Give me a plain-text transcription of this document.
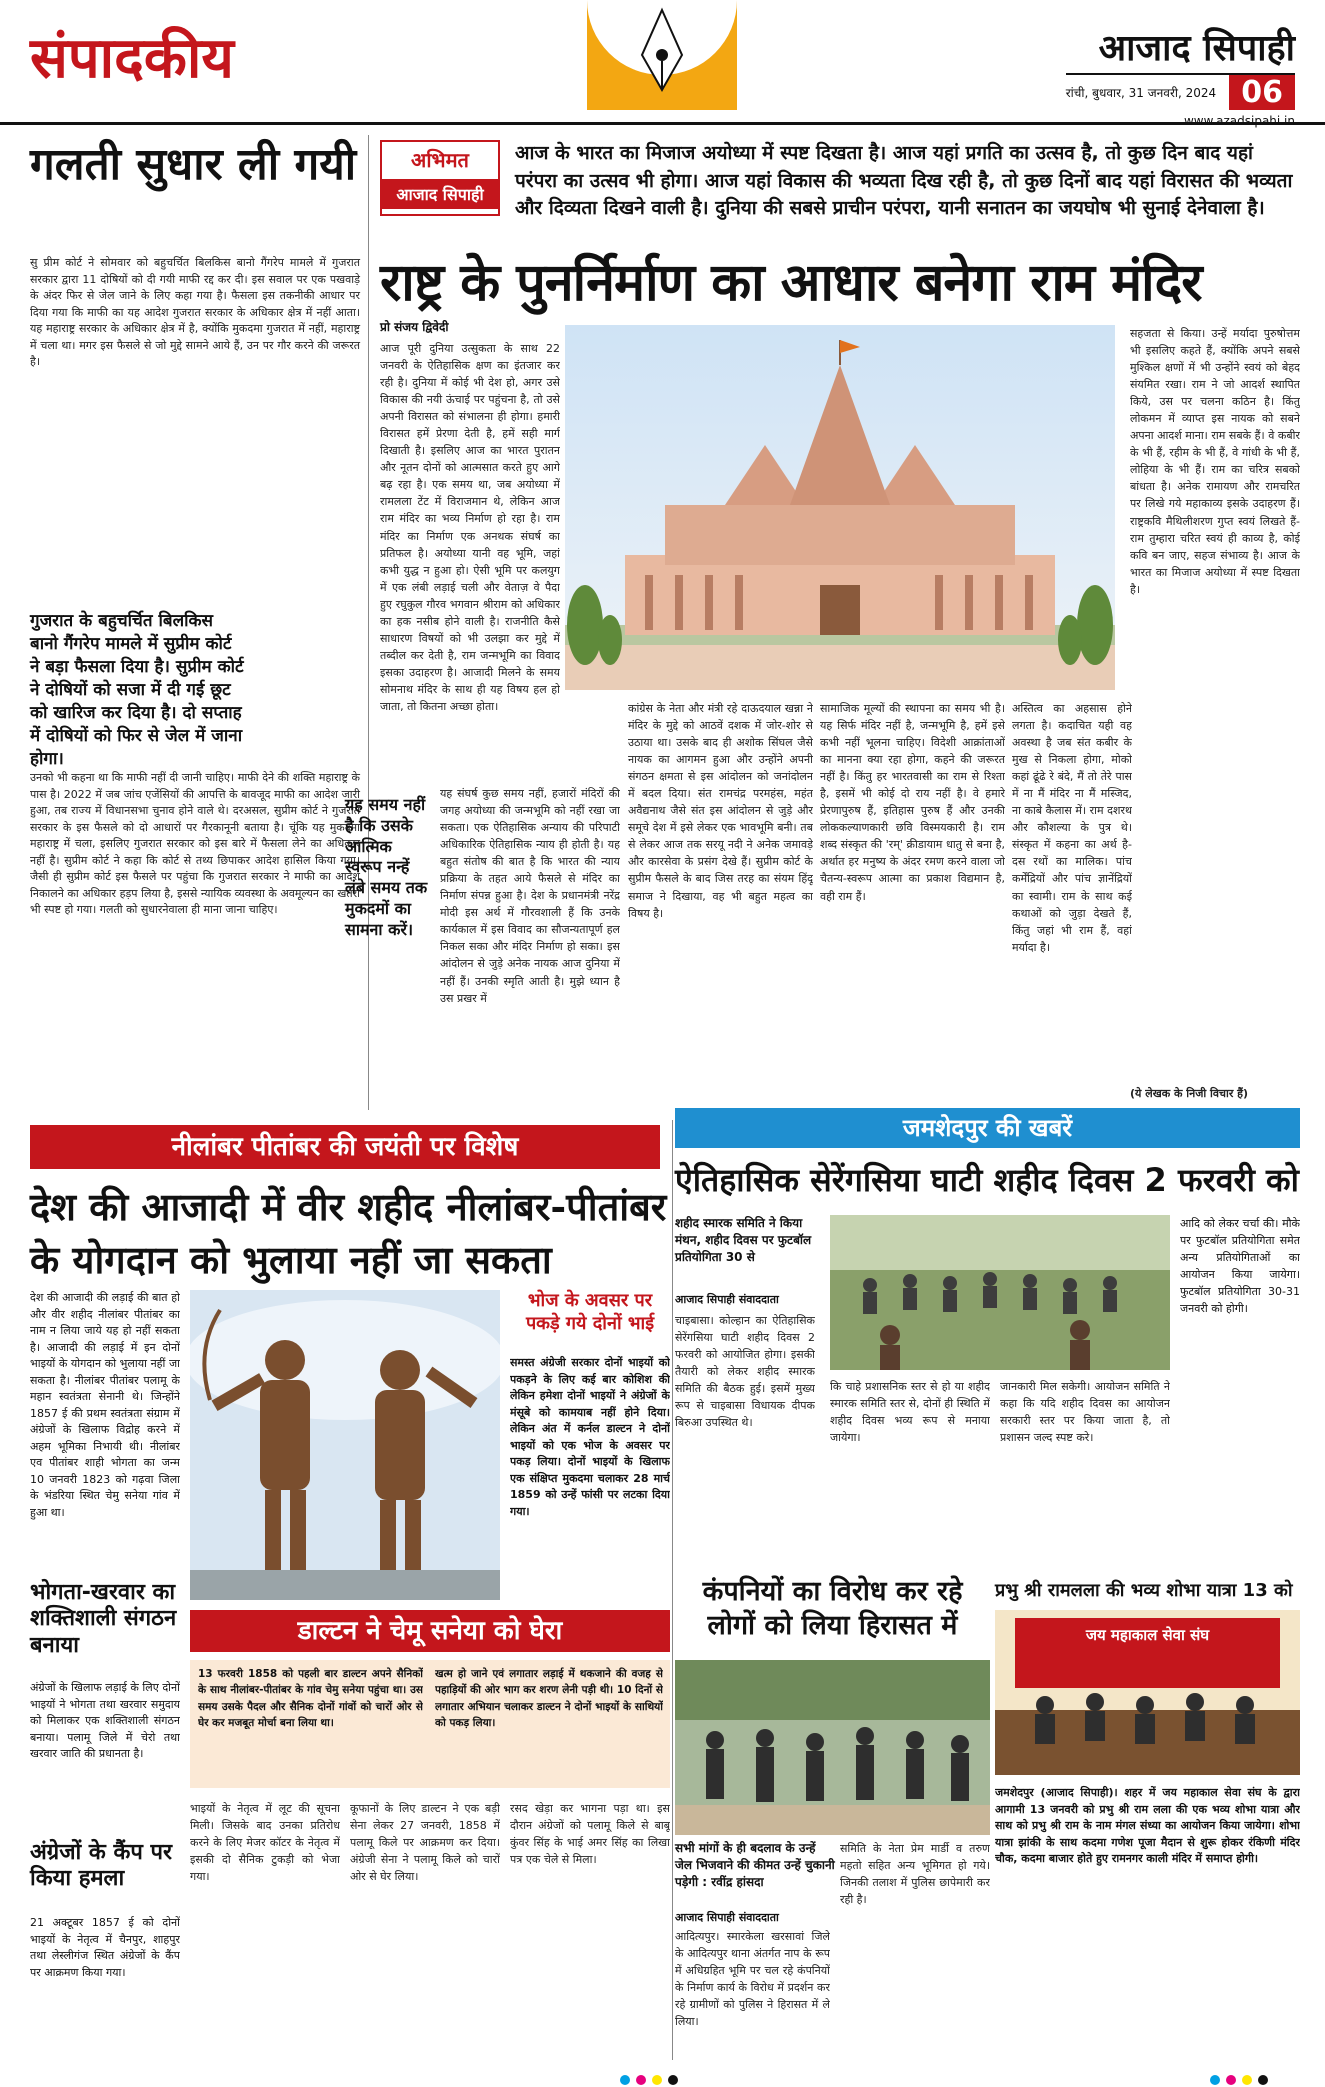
संपादकीय	आजाद सिपाही
रांची, बुधवार, 31 जनवरी, 2024 06
www.azadsipahi.in
गलती सुधार ली गयी
सु प्रीम कोर्ट ने सोमवार को बहुचर्चित बिलकिस बानो गैंगरेप मामले में गुजरात सरकार द्वारा 11 दोषियों को दी गयी माफी रद्द कर दी। इस सवाल पर एक पखवाड़े के अंदर फिर से जेल जाने के लिए कहा गया है। फैसला इस तकनीकी आधार पर दिया गया कि माफी का यह आदेश गुजरात सरकार के अधिकार क्षेत्र में नहीं आता। यह महाराष्ट्र सरकार के अधिकार क्षेत्र में है, क्योंकि मुकदमा गुजरात में नहीं, महाराष्ट्र में चला था। मगर इस फैसले से जो मुद्दे सामने आये हैं, उन पर गौर करने की जरूरत है।
गुजरात के बहुचर्चित बिलकिस बानो गैंगरेप मामले में सुप्रीम कोर्ट ने बड़ा फैसला दिया है। सुप्रीम कोर्ट ने दोषियों को सजा में दी गई छूट को खारिज कर दिया है। दो सप्ताह में दोषियों को फिर से जेल में जाना होगा।
उनको भी कहना था कि माफी नहीं दी जानी चाहिए। माफी देने की शक्ति महाराष्ट्र के पास है। 2022 में जब जांच एजेंसियों की आपत्ति के बावजूद माफी का आदेश जारी हुआ, तब राज्य में विधानसभा चुनाव होने वाले थे। दरअसल, सुप्रीम कोर्ट ने गुजरात सरकार के इस फैसले को दो आधारों पर गैरकानूनी बताया है। चूंकि यह मुकदमा महाराष्ट्र में चला, इसलिए गुजरात सरकार को इस बारे में फैसला लेने का अधिकार नहीं है। सुप्रीम कोर्ट ने कहा कि कोर्ट से तथ्य छिपाकर आदेश हासिल किया गया। जैसी ही सुप्रीम कोर्ट इस फैसले पर पहुंचा कि गुजरात सरकार ने माफी का आदेश निकालने का अधिकार हड़प लिया है, इससे न्यायिक व्यवस्था के अवमूल्यन का खतरा भी स्पष्ट हो गया। गलती को सुधारनेवाला ही माना जाना चाहिए।
अभिमत
आजाद सिपाही
आज के भारत का मिजाज अयोध्या में स्पष्ट दिखता है। आज यहां प्रगति का उत्सव है, तो कुछ दिन बाद यहां परंपरा का उत्सव भी होगा। आज यहां विकास की भव्यता दिख रही है, तो कुछ दिनों बाद यहां विरासत की भव्यता और दिव्यता दिखने वाली है। दुनिया की सबसे प्राचीन परंपरा, यानी सनातन का जयघोष भी सुनाई देनेवाला है।
राष्ट्र के पुनर्निर्माण का आधार बनेगा राम मंदिर
प्रो संजय द्विवेदी
आज पूरी दुनिया उत्सुकता के साथ 22 जनवरी के ऐतिहासिक क्षण का इंतजार कर रही है। दुनिया में कोई भी देश हो, अगर उसे विकास की नयी ऊंचाई पर पहुंचना है, तो उसे अपनी विरासत को संभालना ही होगा। हमारी विरासत हमें प्रेरणा देती है, हमें सही मार्ग दिखाती है। इसलिए आज का भारत पुरातन और नूतन दोनों को आत्मसात करते हुए आगे बढ़ रहा है। एक समय था, जब अयोध्या में रामलला टेंट में विराजमान थे, लेकिन आज राम मंदिर का भव्य निर्माण हो रहा है। राम मंदिर का निर्माण एक अनथक संघर्ष का प्रतिफल है। अयोध्या यानी वह भूमि, जहां कभी युद्ध न हुआ हो। ऐसी भूमि पर कलयुग में एक लंबी लड़ाई चली और वेताज़ वे पैदा हुए रघुकुल गौरव भगवान श्रीराम को अधिकार का हक नसीब होने वाली है। राजनीति कैसे साधारण विषयों को भी उलझा कर मुद्दे में तब्दील कर देती है, राम जन्मभूमि का विवाद इसका उदाहरण है। आजादी मिलने के समय सोमनाथ मंदिर के साथ ही यह विषय हल हो जाता, तो कितना अच्छा होता।
यह समय नहीं है कि उसके आत्मिक स्वरूप नन्हें लंबे समय तक मुकदमों का सामना करें।
यह संघर्ष कुछ समय नहीं, हजारों मंदिरों की जगह अयोध्या की जन्मभूमि को नहीं रखा जा सकता। एक ऐतिहासिक अन्याय की परिपाटी अधिकारिक ऐतिहासिक न्याय ही होती है। यह बहुत संतोष की बात है कि भारत की न्याय प्रक्रिया के तहत आये फैसले से मंदिर का निर्माण संपन्न हुआ है। देश के प्रधानमंत्री नरेंद्र मोदी इस अर्थ में गौरवशाली हैं कि उनके कार्यकाल में इस विवाद का सौजन्यतापूर्ण हल निकल सका और मंदिर निर्माण हो सका। इस आंदोलन से जुड़े अनेक नायक आज दुनिया में नहीं हैं। उनकी स्मृति आती है। मुझे ध्यान है उस प्रखर में
कांग्रेस के नेता और मंत्री रहे दाऊदयाल खन्ना ने मंदिर के मुद्दे को आठवें दशक में जोर-शोर से उठाया था। उसके बाद ही अशोक सिंघल जैसे नायक का आगमन हुआ और उन्होंने अपनी संगठन क्षमता से इस आंदोलन को जनांदोलन में बदल दिया। संत रामचंद्र परमहंस, महंत अवैद्यनाथ जैसे संत इस आंदोलन से जुड़े और समूचे देश में इसे लेकर एक भावभूमि बनी। तब से लेकर आज तक सरयू नदी ने अनेक जमावड़े और कारसेवा के प्रसंग देखे हैं। सुप्रीम कोर्ट के सुप्रीम फैसले के बाद जिस तरह का संयम हिंदू समाज ने दिखाया, वह भी बहुत महत्व का विषय है।
सामाजिक मूल्यों की स्थापना का समय भी है। यह सिर्फ मंदिर नहीं है, जन्मभूमि है, हमें इसे कभी नहीं भूलना चाहिए। विदेशी आक्रांताओं का मानना क्या रहा होगा, कहने की जरूरत नहीं है। किंतु हर भारतवासी का राम से रिश्ता है, इसमें भी कोई दो राय नहीं है। वे हमारे प्रेरणापुरुष हैं, इतिहास पुरुष हैं और उनकी लोककल्याणकारी छवि विस्मयकारी है। राम शब्द संस्कृत की 'रम्' क्रीडायाम धातु से बना है, अर्थात हर मनुष्य के अंदर रमण करने वाला जो चैतन्य-स्वरूप आत्मा का प्रकाश विद्यमान है, वही राम हैं।
अस्तित्व का अहसास होने लगता है। कदाचित यही वह अवस्था है जब संत कबीर के मुख से निकला होगा, मोको कहां ढूंढे रे बंदे, मैं तो तेरे पास में ना मैं मंदिर ना मैं मस्जिद, ना काबे कैलास में। राम दशरथ और कौशल्या के पुत्र थे। संस्कृत में कहना का अर्थ है- दस रथों का मालिक। पांच कर्मेंद्रियों और पांच ज्ञानेंद्रियों का स्वामी। राम के साथ कई कथाओं को जुड़ा देखते हैं, किंतु जहां भी राम हैं, वहां मर्यादा है।
सहजता से किया। उन्हें मर्यादा पुरुषोत्तम भी इसलिए कहते हैं, क्योंकि अपने सबसे मुश्किल क्षणों में भी उन्होंने स्वयं को बेहद संयमित रखा। राम ने जो आदर्श स्थापित किये, उस पर चलना कठिन है। किंतु लोकमन में व्याप्त इस नायक को सबने अपना आदर्श माना। राम सबके हैं। वे कबीर के भी हैं, रहीम के भी हैं, वे गांधी के भी हैं, लोहिया के भी हैं। राम का चरित्र सबको बांधता है। अनेक रामायण और रामचरित पर लिखे गये महाकाव्य इसके उदाहरण हैं। राष्ट्रकवि मैथिलीशरण गुप्त स्वयं लिखते हैं- राम तुम्हारा चरित स्वयं ही काव्य है, कोई कवि बन जाए, सहज संभाव्य है। आज के भारत का मिजाज अयोध्या में स्पष्ट दिखता है।
(ये लेखक के निजी विचार हैं)
नीलांबर पीतांबर की जयंती पर विशेष
देश की आजादी में वीर शहीद नीलांबर-पीतांबर के योगदान को भुलाया नहीं जा सकता
देश की आजादी की लड़ाई की बात हो और वीर शहीद नीलांबर पीतांबर का नाम न लिया जाये यह हो नहीं सकता है। आजादी की लड़ाई में इन दोनों भाइयों के योगदान को भुलाया नहीं जा सकता है। नीलांबर पीतांबर पलामू के महान स्वतंत्रता सेनानी थे। जिन्होंने 1857 ई की प्रथम स्वतंत्रता संग्राम में अंग्रेजों के खिलाफ विद्रोह करने में अहम भूमिका निभायी थी। नीलांबर एव पीतांबर शाही भोगता का जन्म 10 जनवरी 1823 को गढ़वा जिला के भंडरिया स्थित चेमु सनेया गांव में हुआ था।
भोगता-खरवार का शक्तिशाली संगठन बनाया
अंग्रेजों के खिलाफ लड़ाई के लिए दोनों भाइयों ने भोगता तथा खरवार समुदाय को मिलाकर एक शक्तिशाली संगठन बनाया। पलामू जिले में चेरो तथा खरवार जाति की प्रधानता है।
अंग्रेजों के कैंप पर किया हमला
21 अक्टूबर 1857 ई को दोनों भाइयों के नेतृत्व में चैनपुर, शाहपुर तथा लेस्लीगंज स्थित अंग्रेजों के कैंप पर आक्रमण किया गया।
भोज के अवसर पर पकड़े गये दोनों भाई
समस्त अंग्रेजी सरकार दोनों भाइयों को पकड़ने के लिए कई बार कोशिश की लेकिन हमेशा दोनों भाइयों ने अंग्रेजों के मंसूबे को कामयाब नहीं होने दिया। लेकिन अंत में कर्नल डाल्टन ने दोनों भाइयों को एक भोज के अवसर पर पकड़ लिया। दोनों भाइयों के खिलाफ एक संक्षिप्त मुकदमा चलाकर 28 मार्च 1859 को उन्हें फांसी पर लटका दिया गया।
डाल्टन ने चेमू सनेया को घेरा
13 फरवरी 1858 को पहली बार डाल्टन अपने सैनिकों के साथ नीलांबर-पीतांबर के गांव चेमु सनेया पहुंचा था। उस समय उसके पैदल और सैनिक दोनों गांवों को चारों ओर से घेर कर मजबूत मोर्चा बना लिया था।
खत्म हो जाने एवं लगातार लड़ाई में थकजाने की वजह से पहाड़ियों की ओर भाग कर शरण लेनी पड़ी थी। 10 दिनों से लगातार अभियान चलाकर डाल्टन ने दोनों भाइयों के साथियों को पकड़ लिया।
भाइयों के नेतृत्व में लूट की सूचना मिली। जिसके बाद उनका प्रतिरोध करने के लिए मेजर कॉटर के नेतृत्व में इसकी दो सैनिक टुकड़ी को भेजा गया।
कूफानों के लिए डाल्टन ने एक बड़ी सेना लेकर 27 जनवरी, 1858 में पलामू किले पर आक्रमण कर दिया। अंग्रेजी सेना ने पलामू किले को चारों ओर से घेर लिया।
रसद खेड़ा कर भागना पड़ा था। इस दौरान अंग्रेजों को पलामू किले से बाबू कुंवर सिंह के भाई अमर सिंह का लिखा पत्र एक चेले से मिला।
जमशेदपुर की खबरें
ऐतिहासिक सेरेंगसिया घाटी शहीद दिवस 2 फरवरी को
शहीद स्मारक समिति ने किया मंथन, शहीद दिवस पर फुटबॉल प्रतियोगिता 30 से
आजाद सिपाही संवाददाता
चाइबासा। कोल्हान का ऐतिहासिक सेरेंगसिया घाटी शहीद दिवस 2 फरवरी को आयोजित होगा। इसकी तैयारी को लेकर शहीद स्मारक समिति की बैठक हुई। इसमें मुख्य रूप से चाइबासा विधायक दीपक बिरुआ उपस्थित थे।
कि चाहे प्रशासनिक स्तर से हो या शहीद स्मारक समिति स्तर से, दोनों ही स्थिति में शहीद दिवस भव्य रूप से मनाया जायेगा।
जानकारी मिल सकेगी। आयोजन समिति ने कहा कि यदि शहीद दिवस का आयोजन सरकारी स्तर पर किया जाता है, तो प्रशासन जल्द स्पष्ट करे।
आदि को लेकर चर्चा की। मौके पर फुटबॉल प्रतियोगिता समेत अन्य प्रतियोगिताओं का आयोजन किया जायेगा। फुटबॉल प्रतियोगिता 30-31 जनवरी को होगी।
कंपनियों का विरोध कर रहे लोगों को लिया हिरासत में
सभी मांगों के ही बदलाव के उन्हें जेल भिजवाने की कीमत उन्हें चुकानी पड़ेगी : रवींद्र हांसदा
आजाद सिपाही संवाददाता
आदित्यपुर। स्मारकेला खरसावां जिले के आदित्यपुर थाना अंतर्गत नाप के रूप में अधिग्रहित भूमि पर चल रहे कंपनियों के निर्माण कार्य के विरोध में प्रदर्शन कर रहे ग्रामीणों को पुलिस ने हिरासत में ले लिया।
समिति के नेता प्रेम मार्डी व तरुण महतो सहित अन्य भूमिगत हो गये। जिनकी तलाश में पुलिस छापेमारी कर रही है।
प्रभु श्री रामलला की भव्य शोभा यात्रा 13 को
जय महाकाल सेवा संघ
जमशेदपुर (आजाद सिपाही)। शहर में जय महाकाल सेवा संघ के द्वारा आगामी 13 जनवरी को प्रभु श्री राम लला की एक भव्य शोभा यात्रा और साथ को प्रभु श्री राम के नाम मंगल संध्या का आयोजन किया जायेगा। शोभा यात्रा झांकी के साथ कदमा गणेश पूजा मैदान से शुरू होकर रंकिणी मंदिर चौक, कदमा बाजार होते हुए रामनगर काली मंदिर में समाप्त होगी।
